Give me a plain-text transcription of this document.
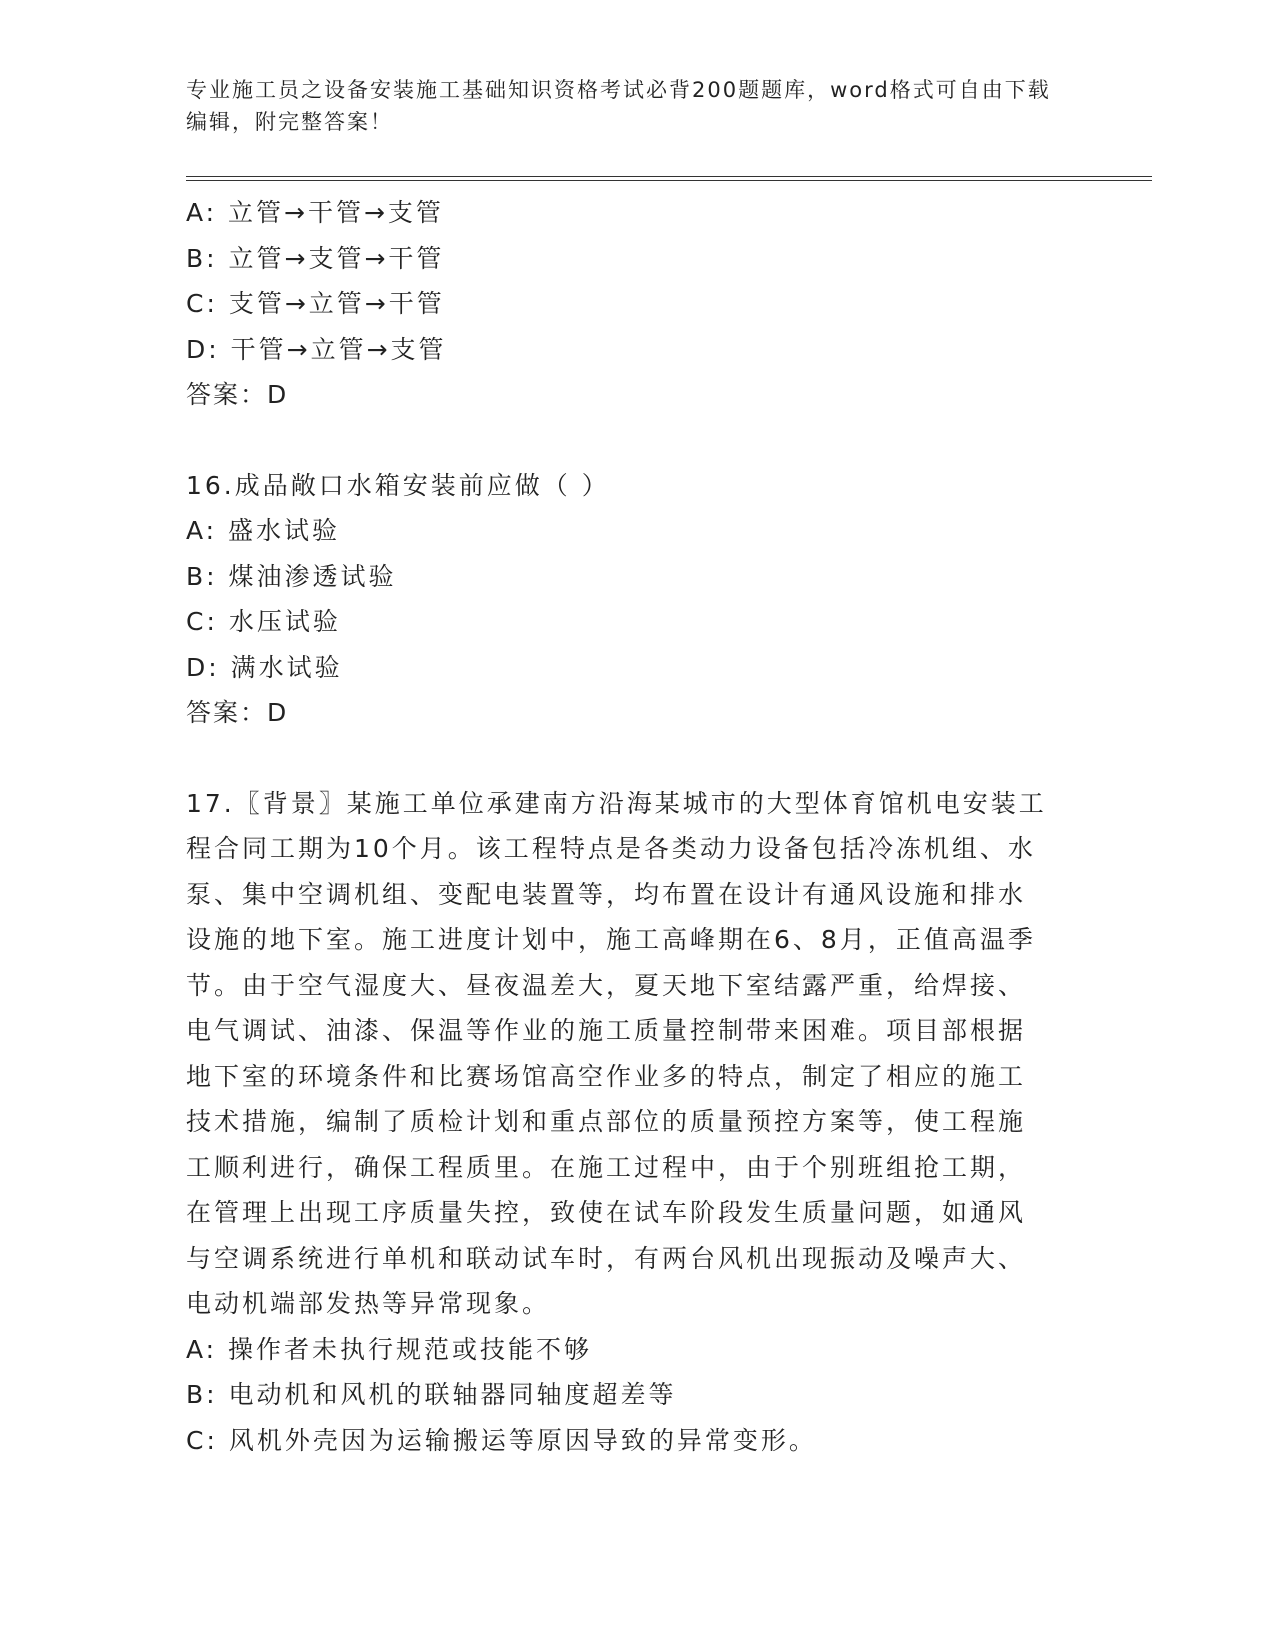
专业施工员之设备安装施工基础知识资格考试必背200题题库，word格式可自由下载编辑，附完整答案！
A: 立管→干管→支管
B: 立管→支管→干管
C: 支管→立管→干管
D: 干管→立管→支管
答案：D
16.成品敞口水箱安装前应做（ ）
A: 盛水试验
B: 煤油渗透试验
C: 水压试验
D: 满水试验
答案：D
17.〖背景〗某施工单位承建南方沿海某城市的大型体育馆机电安装工
程合同工期为10个月。该工程特点是各类动力设备包括冷冻机组、水
泵、集中空调机组、变配电装置等，均布置在设计有通风设施和排水
设施的地下室。施工进度计划中，施工高峰期在6、8月，正值高温季
节。由于空气湿度大、昼夜温差大，夏天地下室结露严重，给焊接、
电气调试、油漆、保温等作业的施工质量控制带来困难。项目部根据
地下室的环境条件和比赛场馆高空作业多的特点，制定了相应的施工
技术措施，编制了质检计划和重点部位的质量预控方案等，使工程施
工顺利进行，确保工程质里。在施工过程中，由于个别班组抢工期，
在管理上出现工序质量失控，致使在试车阶段发生质量问题，如通风
与空调系统进行单机和联动试车时，有两台风机出现振动及噪声大、
电动机端部发热等异常现象。
A: 操作者未执行规范或技能不够
B: 电动机和风机的联轴器同轴度超差等
C: 风机外壳因为运输搬运等原因导致的异常变形。
